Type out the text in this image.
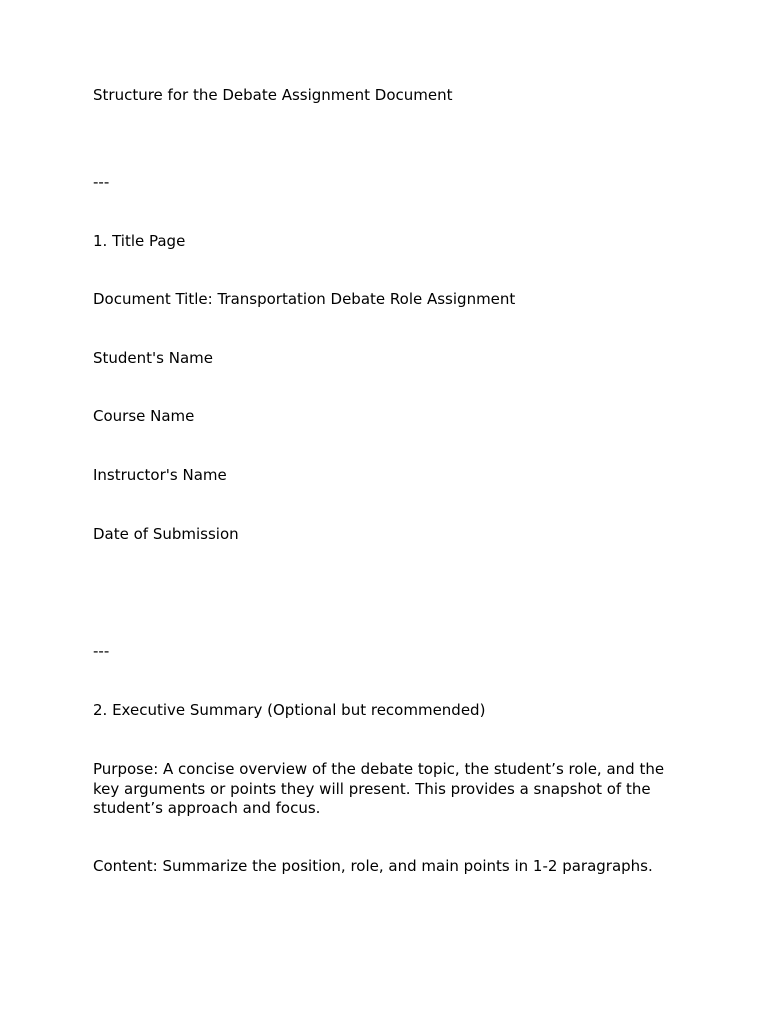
Structure for the Debate Assignment Document

---

1. Title Page

Document Title: Transportation Debate Role Assignment

Student's Name

Course Name

Instructor's Name

Date of Submission

---

2. Executive Summary (Optional but recommended)

Purpose: A concise overview of the debate topic, the student’s role, and the key arguments or points they will present. This provides a snapshot of the student’s approach and focus.

Content: Summarize the position, role, and main points in 1-2 paragraphs.
